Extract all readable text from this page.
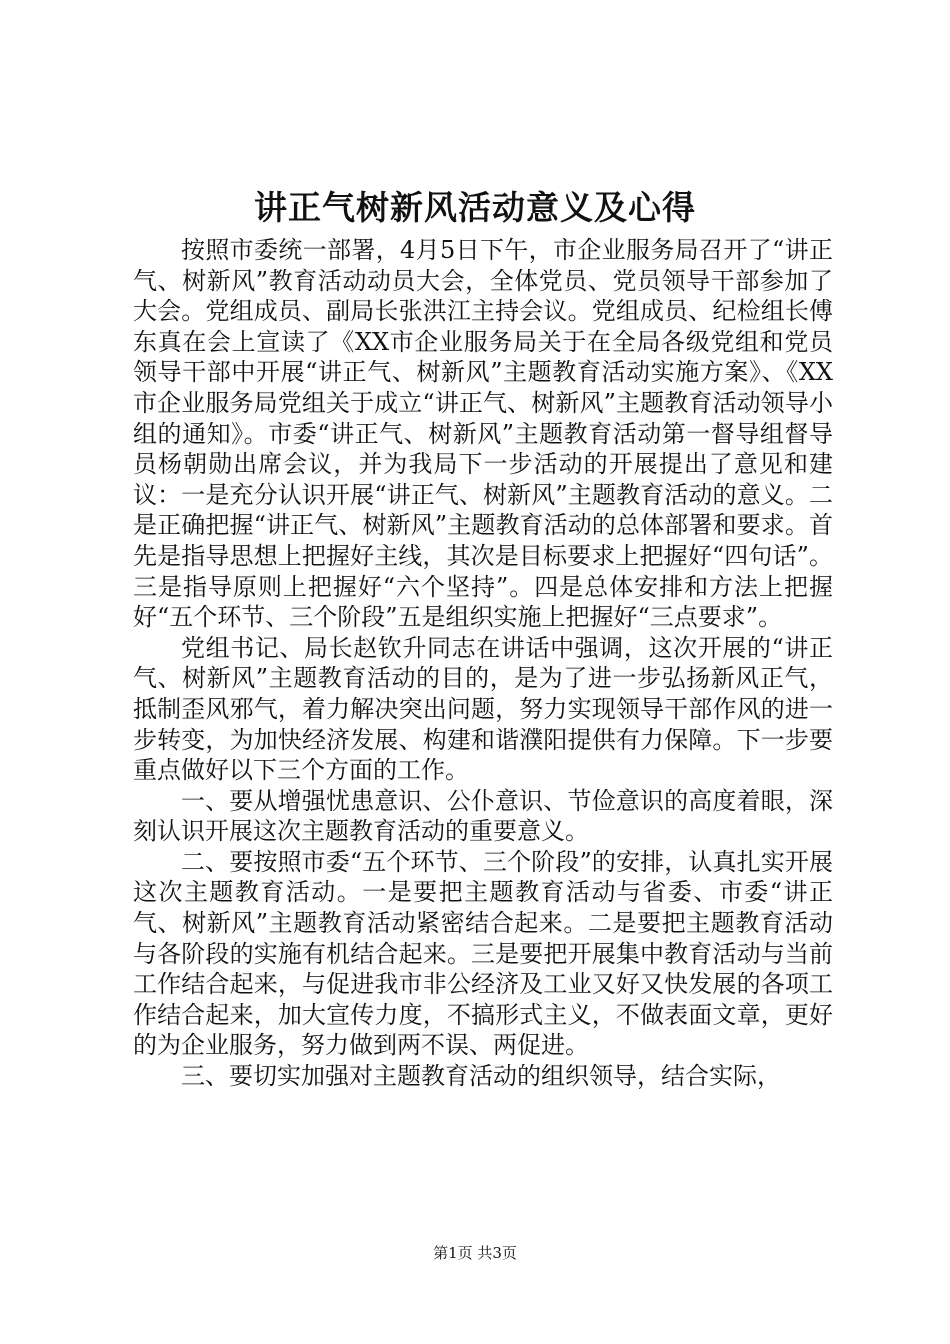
讲正气树新风活动意义及心得

按照市委统一部署，4月5日下午，市企业服务局召开了“讲正气、树新风”教育活动动员大会，全体党员、党员领导干部参加了大会。党组成员、副局长张洪江主持会议。党组成员、纪检组长傅东真在会上宣读了《XX市企业服务局关于在全局各级党组和党员领导干部中开展“讲正气、树新风”主题教育活动实施方案》、《XX市企业服务局党组关于成立“讲正气、树新风”主题教育活动领导小组的通知》。市委“讲正气、树新风”主题教育活动第一督导组督导员杨朝勋出席会议，并为我局下一步活动的开展提出了意见和建议：一是充分认识开展“讲正气、树新风”主题教育活动的意义。二是正确把握“讲正气、树新风”主题教育活动的总体部署和要求。首先是指导思想上把握好主线，其次是目标要求上把握好“四句话”。三是指导原则上把握好“六个坚持”。四是总体安排和方法上把握好“五个环节、三个阶段”五是组织实施上把握好“三点要求”。

党组书记、局长赵钦升同志在讲话中强调，这次开展的“讲正气、树新风”主题教育活动的目的，是为了进一步弘扬新风正气，抵制歪风邪气，着力解决突出问题，努力实现领导干部作风的进一步转变，为加快经济发展、构建和谐濮阳提供有力保障。下一步要重点做好以下三个方面的工作。

一、要从增强忧患意识、公仆意识、节俭意识的高度着眼，深刻认识开展这次主题教育活动的重要意义。

二、要按照市委“五个环节、三个阶段”的安排，认真扎实开展这次主题教育活动。一是要把主题教育活动与省委、市委“讲正气、树新风”主题教育活动紧密结合起来。二是要把主题教育活动与各阶段的实施有机结合起来。三是要把开展集中教育活动与当前工作结合起来，与促进我市非公经济及工业又好又快发展的各项工作结合起来，加大宣传力度，不搞形式主义，不做表面文章，更好的为企业服务，努力做到两不误、两促进。

三、要切实加强对主题教育活动的组织领导，结合实际，

第1页 共3页
